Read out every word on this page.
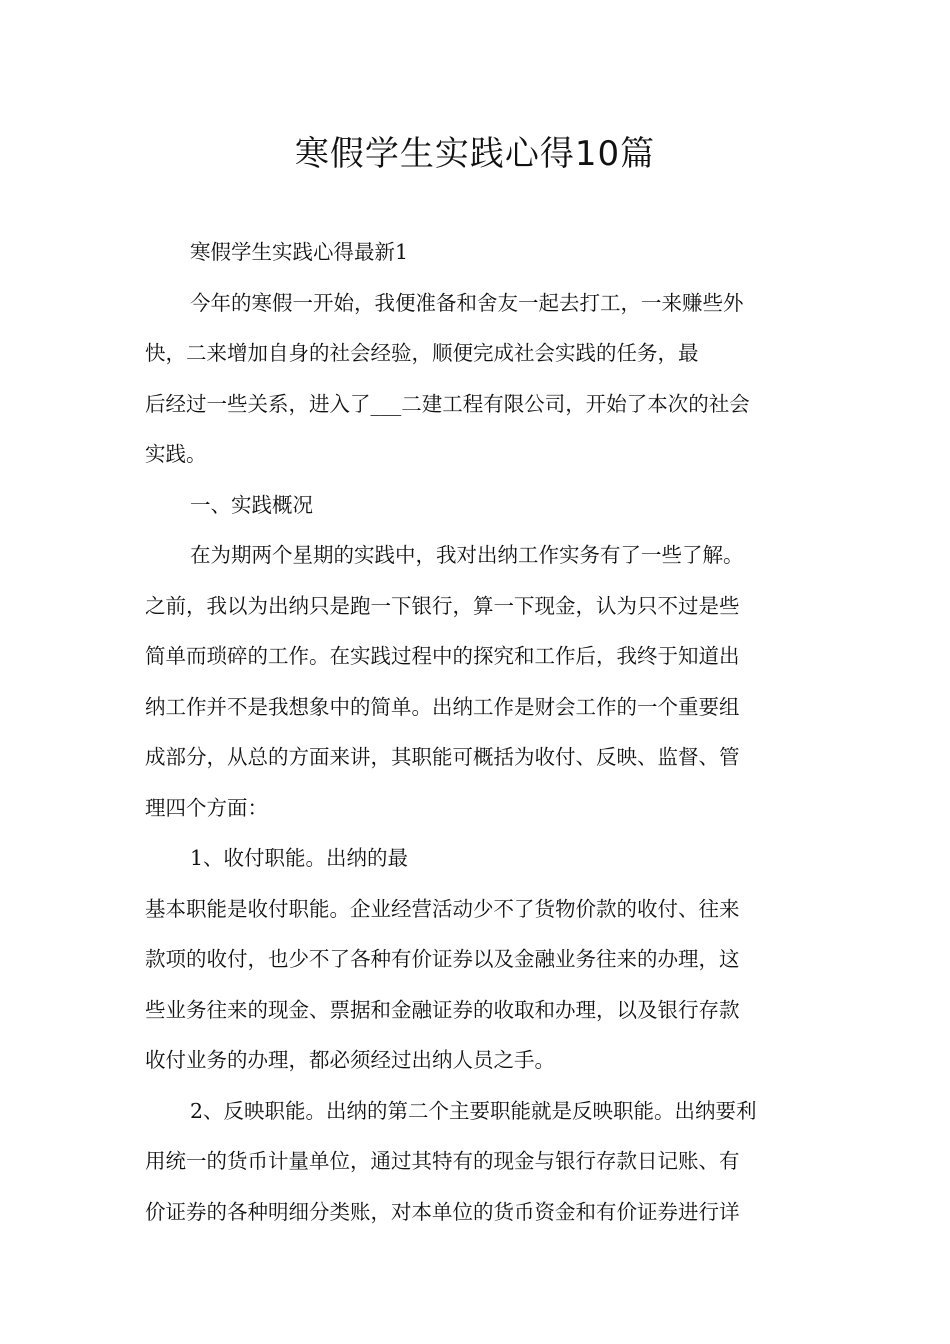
寒假学生实践心得10篇
寒假学生实践心得最新1
今年的寒假一开始，我便准备和舍友一起去打工，一来赚些外
快，二来增加自身的社会经验，顺便完成社会实践的任务，最
后经过一些关系，进入了___二建工程有限公司，开始了本次的社会
实践。
一、实践概况
在为期两个星期的实践中，我对出纳工作实务有了一些了解。
之前，我以为出纳只是跑一下银行，算一下现金，认为只不过是些
简单而琐碎的工作。在实践过程中的探究和工作后，我终于知道出
纳工作并不是我想象中的简单。出纳工作是财会工作的一个重要组
成部分，从总的方面来讲，其职能可概括为收付、反映、监督、管
理四个方面：
1、收付职能。出纳的最
基本职能是收付职能。企业经营活动少不了货物价款的收付、往来
款项的收付，也少不了各种有价证券以及金融业务往来的办理，这
些业务往来的现金、票据和金融证券的收取和办理，以及银行存款
收付业务的办理，都必须经过出纳人员之手。
2、反映职能。出纳的第二个主要职能就是反映职能。出纳要利
用统一的货币计量单位，通过其特有的现金与银行存款日记账、有
价证券的各种明细分类账，对本单位的货币资金和有价证券进行详
